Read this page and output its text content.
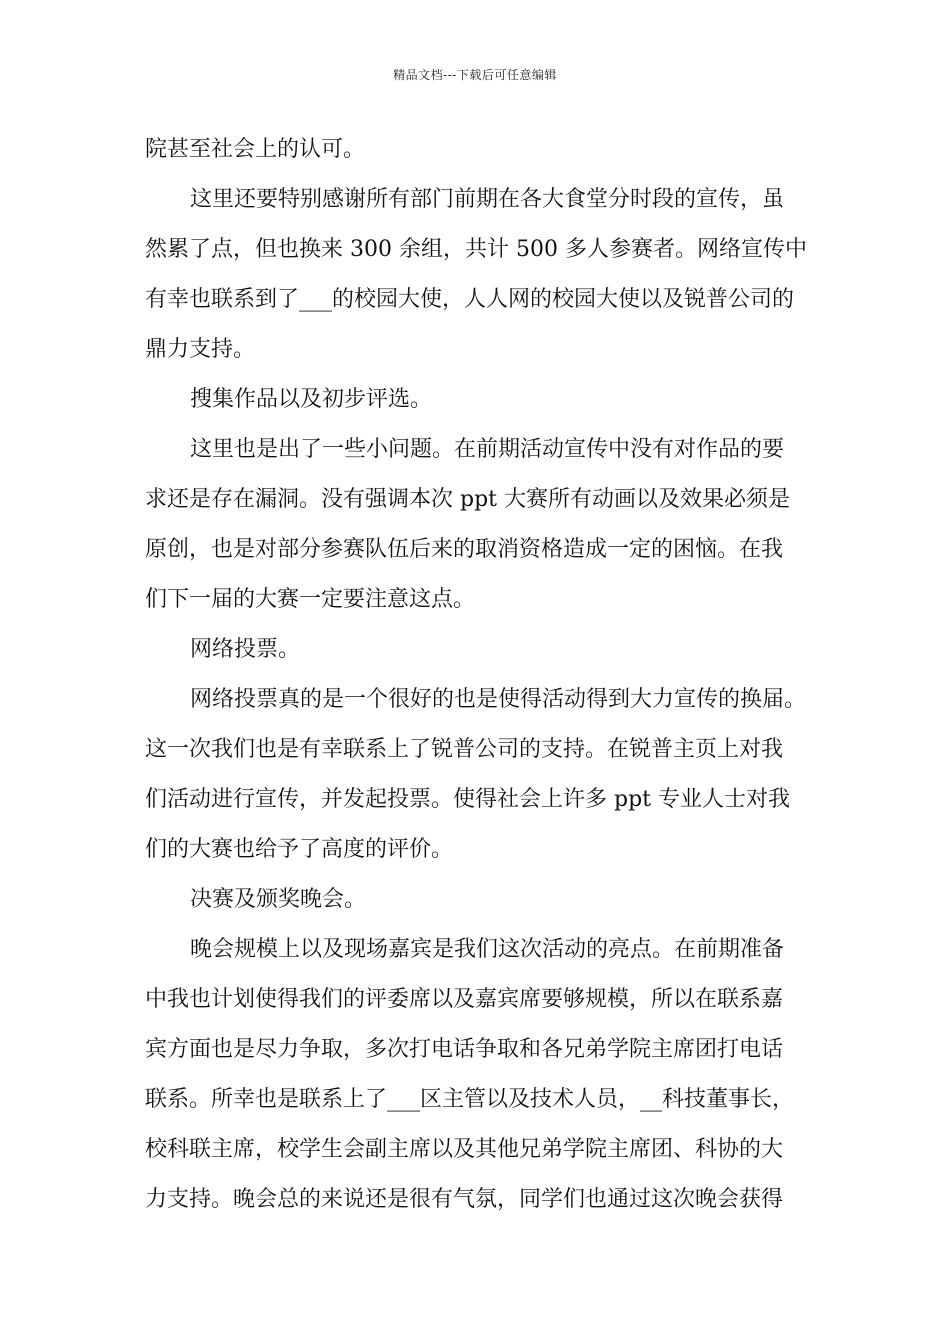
精品文档---下载后可任意编辑
院甚至社会上的认可。
这里还要特别感谢所有部门前期在各大食堂分时段的宣传，虽
然累了点，但也换来 300 余组，共计 500 多人参赛者。网络宣传中
有幸也联系到了___的校园大使，人人网的校园大使以及锐普公司的
鼎力支持。
搜集作品以及初步评选。
这里也是出了一些小问题。在前期活动宣传中没有对作品的要
求还是存在漏洞。没有强调本次 ppt 大赛所有动画以及效果必须是
原创，也是对部分参赛队伍后来的取消资格造成一定的困恼。在我
们下一届的大赛一定要注意这点。
网络投票。
网络投票真的是一个很好的也是使得活动得到大力宣传的换届。
这一次我们也是有幸联系上了锐普公司的支持。在锐普主页上对我
们活动进行宣传，并发起投票。使得社会上许多 ppt 专业人士对我
们的大赛也给予了高度的评价。
决赛及颁奖晚会。
晚会规模上以及现场嘉宾是我们这次活动的亮点。在前期准备
中我也计划使得我们的评委席以及嘉宾席要够规模，所以在联系嘉
宾方面也是尽力争取，多次打电话争取和各兄弟学院主席团打电话
联系。所幸也是联系上了___区主管以及技术人员，__科技董事长，
校科联主席，校学生会副主席以及其他兄弟学院主席团、科协的大
力支持。晚会总的来说还是很有气氛，同学们也通过这次晚会获得
